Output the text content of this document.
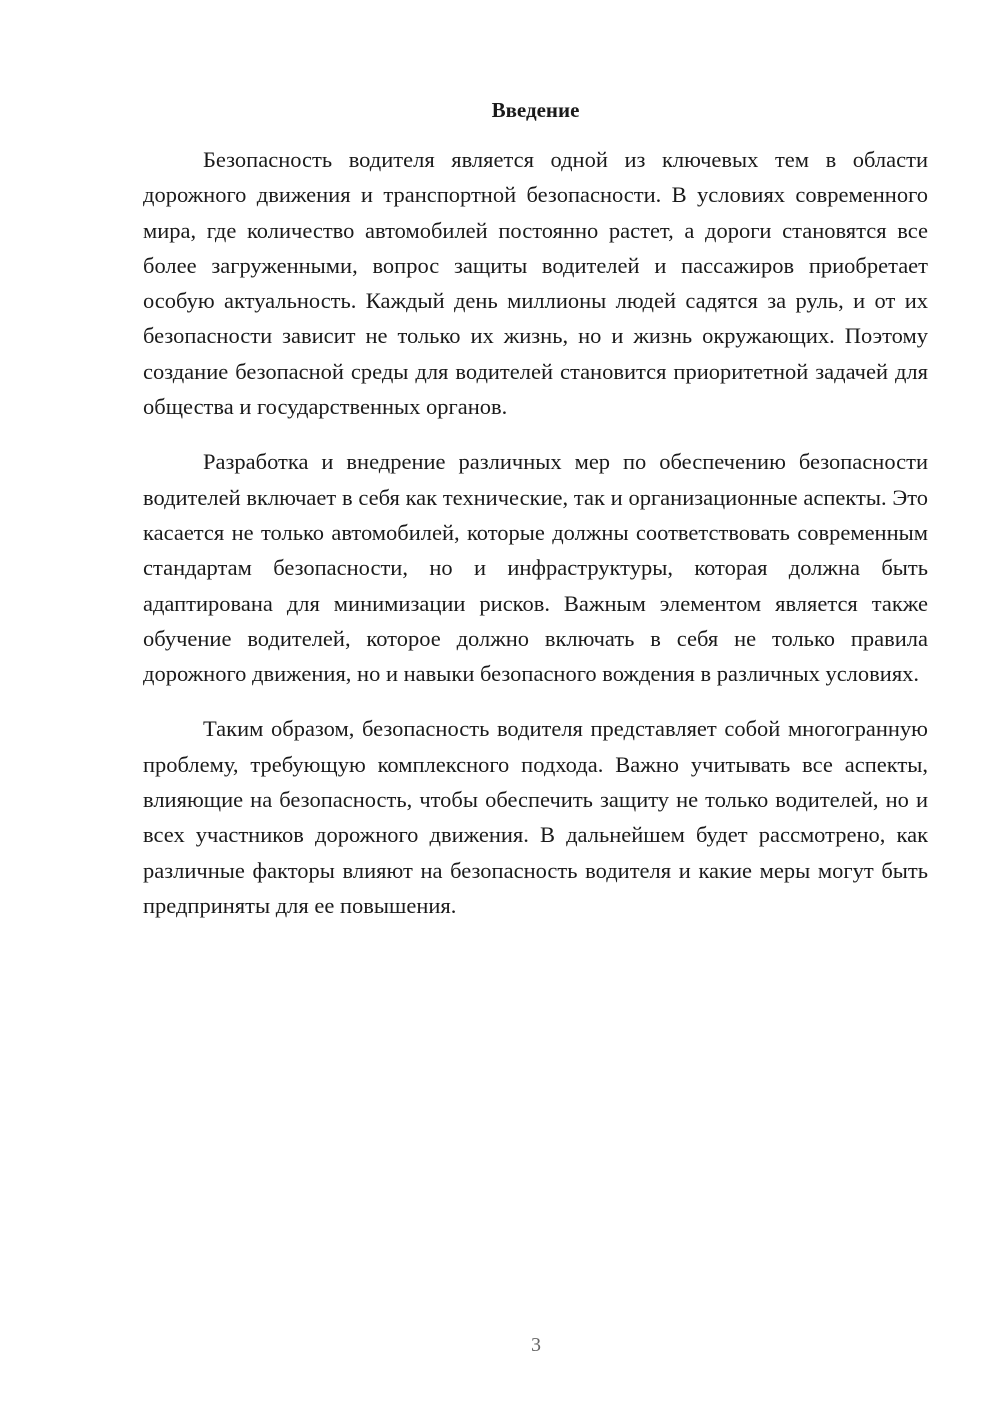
Введение

Безопасность водителя является одной из ключевых тем в области дорожного движения и транспортной безопасности. В условиях современного мира, где количество автомобилей постоянно растет, а дороги становятся все более загруженными, вопрос защиты водителей и пассажиров приобретает особую актуальность. Каждый день миллионы людей садятся за руль, и от их безопасности зависит не только их жизнь, но и жизнь окружающих. Поэтому создание безопасной среды для водителей становится приоритетной задачей для общества и государственных органов.

Разработка и внедрение различных мер по обеспечению безопасности водителей включает в себя как технические, так и организационные аспекты. Это касается не только автомобилей, которые должны соответствовать современным стандартам безопасности, но и инфраструктуры, которая должна быть адаптирована для минимизации рисков. Важным элементом является также обучение водителей, которое должно включать в себя не только правила дорожного движения, но и навыки безопасного вождения в различных условиях.

Таким образом, безопасность водителя представляет собой многогранную проблему, требующую комплексного подхода. Важно учитывать все аспекты, влияющие на безопасность, чтобы обеспечить защиту не только водителей, но и всех участников дорожного движения. В дальнейшем будет рассмотрено, как различные факторы влияют на безопасность водителя и какие меры могут быть предприняты для ее повышения.

3
